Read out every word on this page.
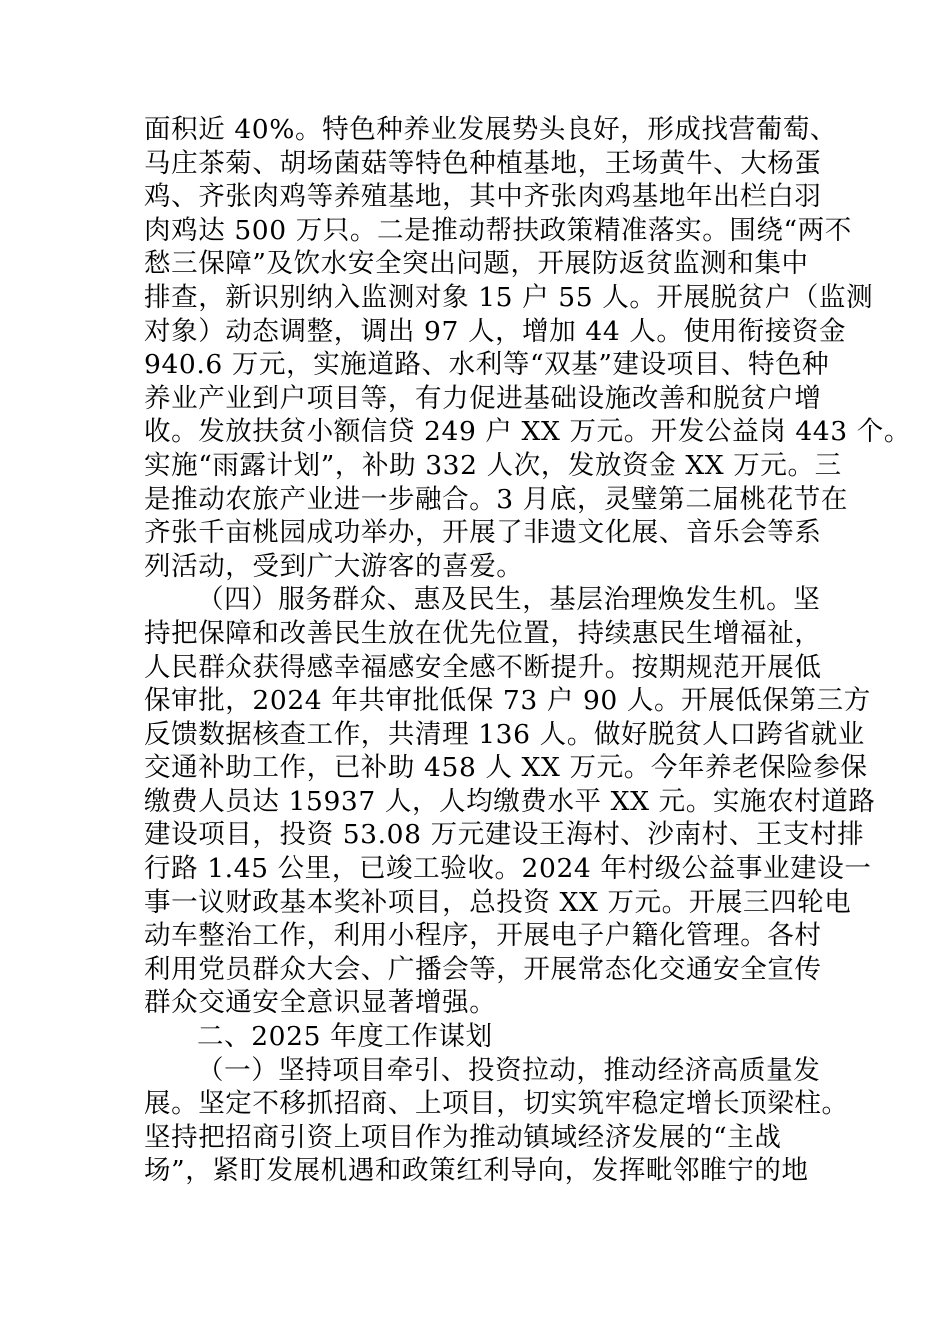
面积近 40%。特色种养业发展势头良好，形成找营葡萄、
马庄茶菊、胡场菌菇等特色种植基地，王场黄牛、大杨蛋
鸡、齐张肉鸡等养殖基地，其中齐张肉鸡基地年出栏白羽
肉鸡达 500 万只。二是推动帮扶政策精准落实。围绕“两不
愁三保障”及饮水安全突出问题，开展防返贫监测和集中
排查，新识别纳入监测对象 15 户 55 人。开展脱贫户（监测
对象）动态调整，调出 97 人，增加 44 人。使用衔接资金
940.6 万元，实施道路、水利等“双基”建设项目、特色种
养业产业到户项目等，有力促进基础设施改善和脱贫户增
收。发放扶贫小额信贷 249 户 XX 万元。开发公益岗 443 个。
实施“雨露计划”，补助 332 人次，发放资金 XX 万元。三
是推动农旅产业进一步融合。3 月底，灵璧第二届桃花节在
齐张千亩桃园成功举办，开展了非遗文化展、音乐会等系
列活动，受到广大游客的喜爱。
（四）服务群众、惠及民生，基层治理焕发生机。坚
持把保障和改善民生放在优先位置，持续惠民生增福祉，
人民群众获得感幸福感安全感不断提升。按期规范开展低
保审批，2024 年共审批低保 73 户 90 人。开展低保第三方
反馈数据核查工作，共清理 136 人。做好脱贫人口跨省就业
交通补助工作，已补助 458 人 XX 万元。今年养老保险参保
缴费人员达 15937 人，人均缴费水平 XX 元。实施农村道路
建设项目，投资 53.08 万元建设王海村、沙南村、王支村排
行路 1.45 公里，已竣工验收。2024 年村级公益事业建设一
事一议财政基本奖补项目，总投资 XX 万元。开展三四轮电
动车整治工作，利用小程序，开展电子户籍化管理。各村
利用党员群众大会、广播会等，开展常态化交通安全宣传
群众交通安全意识显著增强。
二、2025 年度工作谋划
（一）坚持项目牵引、投资拉动，推动经济高质量发
展。坚定不移抓招商、上项目，切实筑牢稳定增长顶梁柱。
坚持把招商引资上项目作为推动镇域经济发展的“主战
场”，紧盯发展机遇和政策红利导向，发挥毗邻睢宁的地
